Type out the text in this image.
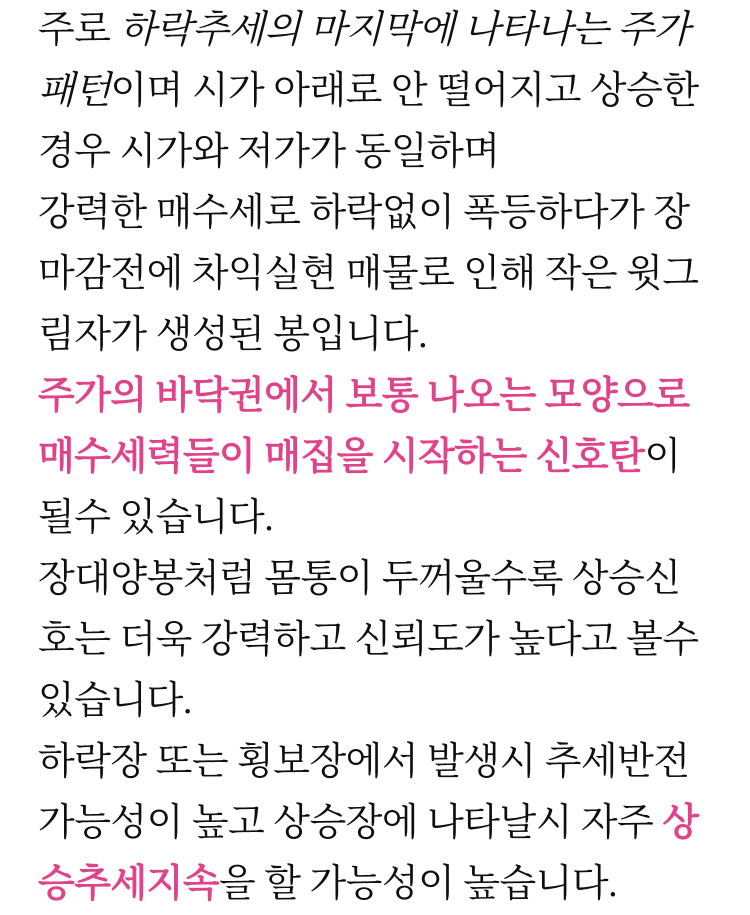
주로 하락추세의 마지막에 나타나는 주가패턴이며 시가 아래로 안 떨어지고 상승한 경우 시가와 저가가 동일하며

강력한 매수세로 하락없이 폭등하다가 장 마감전에 차익실현 매물로 인해 작은 윗그림자가 생성된 봉입니다.

주가의 바닥권에서 보통 나오는 모양으로 매수세력들이 매집을 시작하는 신호탄이 될수 있습니다.

장대양봉처럼 몸통이 두꺼울수록 상승신호는 더욱 강력하고 신뢰도가 높다고 볼수 있습니다.

하락장 또는 횡보장에서 발생시 추세반전 가능성이 높고 상승장에 나타날시 자주 상승추세지속을 할 가능성이 높습니다.
